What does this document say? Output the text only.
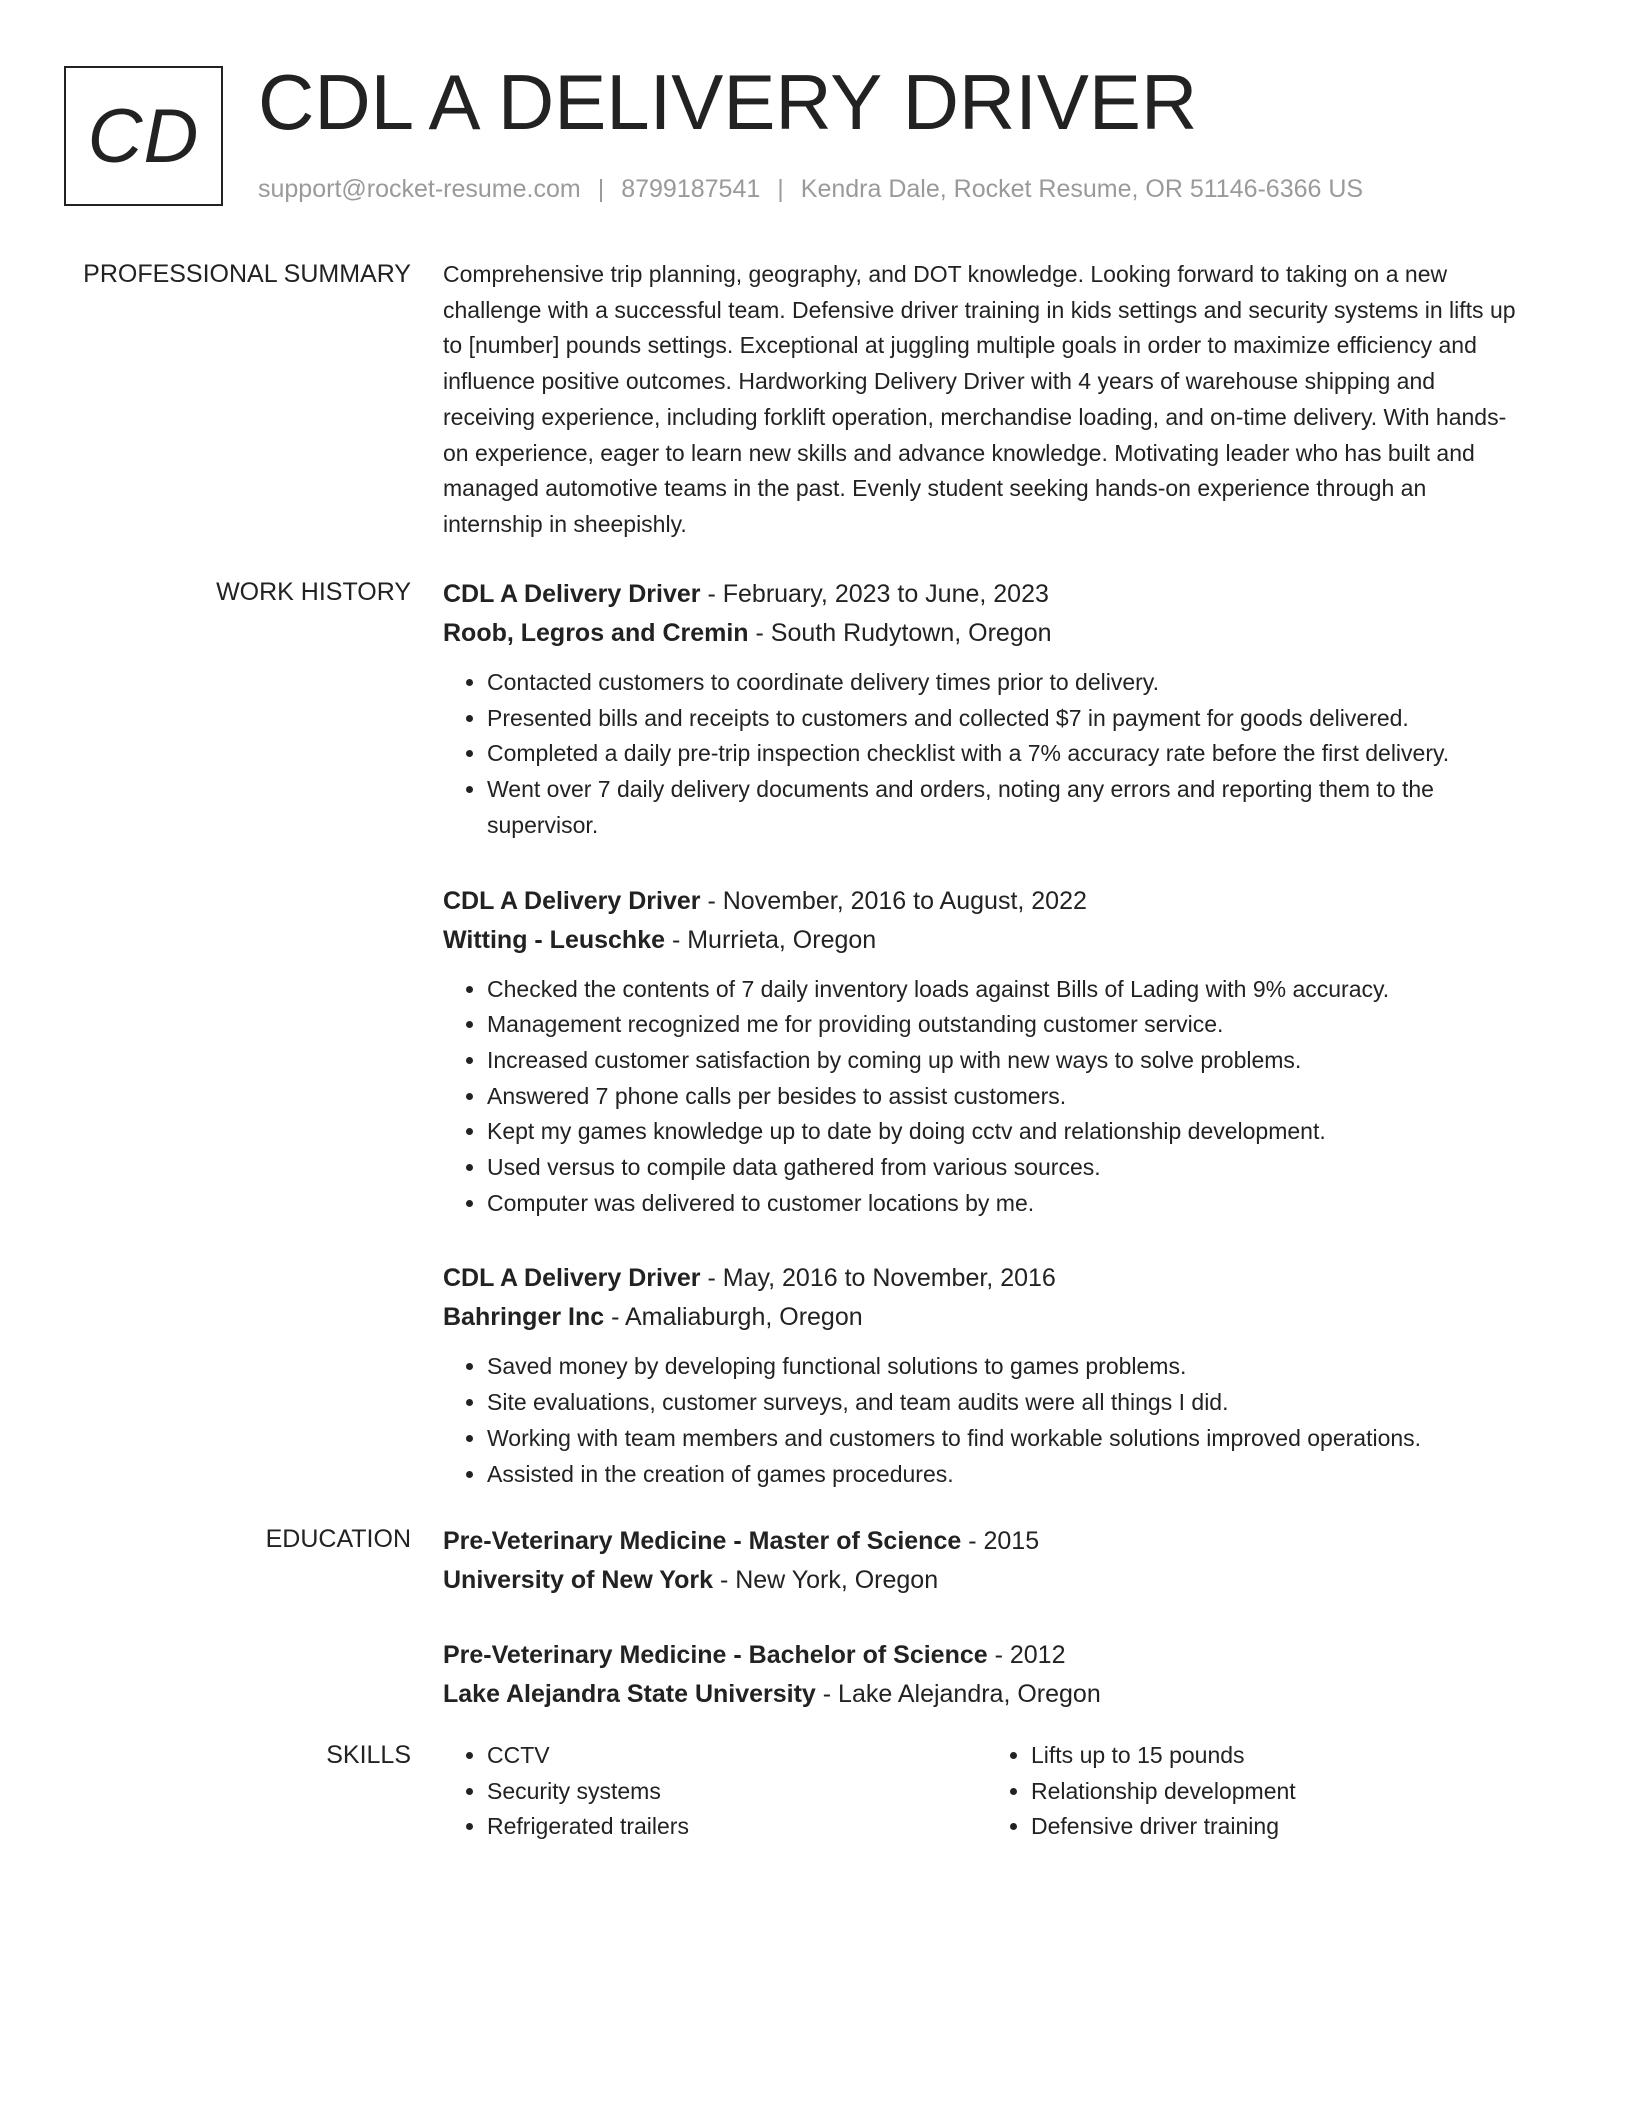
CD CDL A DELIVERY DRIVER
support@rocket-resume.com | 8799187541 | Kendra Dale, Rocket Resume, OR 51146-6366 US
PROFESSIONAL SUMMARY Comprehensive trip planning, geography, and DOT knowledge. Looking forward to taking on a new challenge with a successful team. Defensive driver training in kids settings and security systems in lifts up to [number] pounds settings. Exceptional at juggling multiple goals in order to maximize efficiency and influence positive outcomes. Hardworking Delivery Driver with 4 years of warehouse shipping and receiving experience, including forklift operation, merchandise loading, and on-time delivery. With hands-on experience, eager to learn new skills and advance knowledge. Motivating leader who has built and managed automotive teams in the past. Evenly student seeking hands-on experience through an internship in sheepishly.

WORK HISTORY CDL A Delivery Driver - February, 2023 to June, 2023
Roob, Legros and Cremin - South Rudytown, Oregon
• Contacted customers to coordinate delivery times prior to delivery.
• Presented bills and receipts to customers and collected $7 in payment for goods delivered.
• Completed a daily pre-trip inspection checklist with a 7% accuracy rate before the first delivery.
• Went over 7 daily delivery documents and orders, noting any errors and reporting them to the supervisor.
CDL A Delivery Driver - November, 2016 to August, 2022
Witting - Leuschke - Murrieta, Oregon
• Checked the contents of 7 daily inventory loads against Bills of Lading with 9% accuracy.
• Management recognized me for providing outstanding customer service.
• Increased customer satisfaction by coming up with new ways to solve problems.
• Answered 7 phone calls per besides to assist customers.
• Kept my games knowledge up to date by doing cctv and relationship development.
• Used versus to compile data gathered from various sources.
• Computer was delivered to customer locations by me.
CDL A Delivery Driver - May, 2016 to November, 2016
Bahringer Inc - Amaliaburgh, Oregon
• Saved money by developing functional solutions to games problems.
• Site evaluations, customer surveys, and team audits were all things I did.
• Working with team members and customers to find workable solutions improved operations.
• Assisted in the creation of games procedures.
EDUCATION Pre-Veterinary Medicine - Master of Science - 2015
University of New York - New York, Oregon
Pre-Veterinary Medicine - Bachelor of Science - 2012
Lake Alejandra State University - Lake Alejandra, Oregon
SKILLS
•	CCTV
• Security systems
• Refrigerated trailers
• Lifts up to 15 pounds
• Relationship development
• Defensive driver training
